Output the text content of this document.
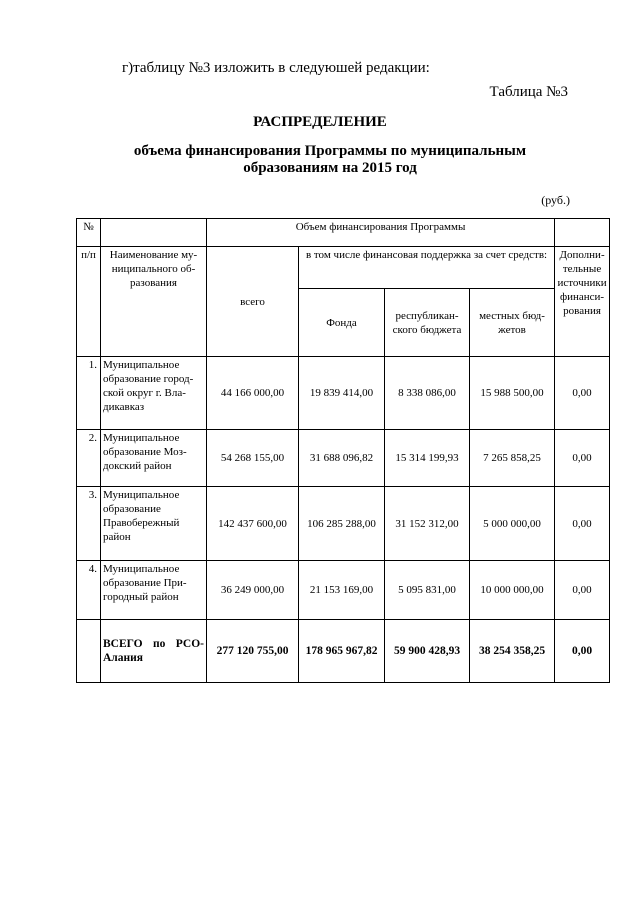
г)таблицу №3 изложить в следуюшей редакции:
Таблица №3
РАСПРЕДЕЛЕНИЕ
объема финансирования Программы по муниципальным образованиям на 2015 год
(руб.)
№		Объем финансирования Программы				
п/п	Наименование му-ниципального об-разования	всего	в том числе финансовая поддержка за счет средств:			Дополни-тельные источники финанси-рования
			Фонда	республикан-ского бюджета	местных бюд-жетов	
1.	Муниципальное образование город-ской округ г. Вла-дикавказ	44 166 000,00	19 839 414,00	8 338 086,00	15 988 500,00	0,00
2.	Муниципальное образование Моз-докский район	54 268 155,00	31 688 096,82	15 314 199,93	7 265 858,25	0,00
3.	Муниципальное образование Правобережный район	142 437 600,00	106 285 288,00	31 152 312,00	5 000 000,00	0,00
4.	Муниципальное образование При-городный район	36 249 000,00	21 153 169,00	5 095 831,00	10 000 000,00	0,00
	ВСЕГО по РСО-Алания	277 120 755,00	178 965 967,82	59 900 428,93	38 254 358,25	0,00
